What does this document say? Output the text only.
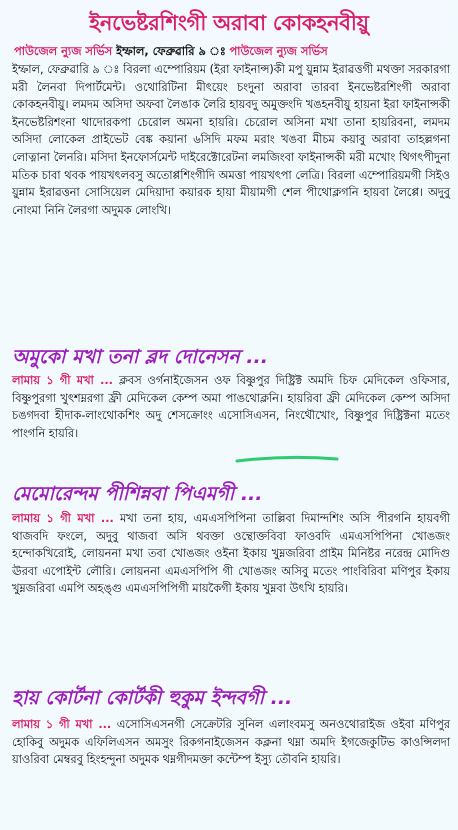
ইনভেষ্টরশিংগী অরাবা কোকহনবীয়ু
পাউজেল ন্যুজ সর্ভিস ইম্ফাল, ফেব্রুৱারি ৯ ঃ পাউজেল ন্যুজ সর্ভিস

ইম্ফাল, ফেব্রুৱারি ৯ ঃ বিরলা এম্পোরিয়ম (ইরা ফাইনান্স)কী মপু য়ুন্নাম ইরাৱত্তগী মথক্তা সরকারগা মরী লৈনবা দিপার্টমেন্ট। ওথোরিটিনা মীৎয়েং চংদুনা অরাবা তারবা ইনভেষ্টরশিংগী অরাবা কোকহনবীয়ু। লমদম অসিদা অফবা লৈঙাক লৈরি হায়বদু অমুক্তংদি খঙহনবীয়ু হায়না ইরা ফাইনান্সকী ইনভেষ্টরিশংনা থাদোরকপা চেরোল অমনা হায়রি। চেরোল অসিনা মখা তানা হায়রিবনা, লমদম অসিদা লোকেল প্রাইভেট বেঙ্ক কয়ানা ৬সিদি মফম মরাং খঙবা মীচম কয়াবু অরাবা তাহল্লগনা লোত্নানা লৈনরি। মসিদা ইনফোর্সমেন্ট দাইরেক্টোরেটনা লমজিংবা ফাইনান্সকী মরী মখোং থিগৎপীদুনা মতিক চাবা থবক পায়খৎলবসু অতোপ্পশিংগীদি অমত্তা পায়খৎপা লেত্রি। বিরলা এম্পোরিয়মগী সিইও য়ুন্নাম ইরাৱত্তনা সোসিয়েল মেদিয়াদা কয়ারক হায়া মীয়ামগী শেল পীথোক্লগনি হায়বা লৈপ্পে। অদুবু নোংমা নিনি লৈরগা অদুমক লোংখি।

অমুকো মখা তনা ব্লদ দোনেসন ...

লামায় ১ গী মখা ... ক্লবস ওর্গনাইজেসন ওফ বিষ্ণুপুর দিষ্ট্রিক্ট অমদি চিফ মেদিকেল ওফিসার, বিষ্ণুপুরগা খুৎশম্নরগা ফ্রী মেদিকেল কেম্প অমা পাঙথোক্লনি। হায়রিবা ফ্রী মেদিকেল কেম্প অসিদা চঙগদবা হীদাক-লাংথোকশিং অদু শেসক্রোংং এসোসিএসন, নিংথৌখোং, বিষ্ণুপুর দিষ্ট্রিক্টনা মতেং পাংগনি হায়রি।

মেমোরেন্দম পীশিন্নবা পিএমগী ...

লামায় ১ গী মখা ... মখা তনা হায়, এমএসপিপিনা তাল্লিবা দিমান্দশিং অসি পীরগনি হায়বগী থাজবদি ফংলে, অদুবু থাজবা অসি থবক্তা ওন্থোক্তবিবা ফাওবদি এমএসপিপিনা খোঙজং হন্দোকখিরোই, লোয়ননা মখা তবা খোঙজং ওইনা ইকায় খুম্নজরিবা প্রাইম মিনিষ্টর নরেন্দ্র মোদিগু ঊরবা এপোইন্ট লৌরি। লোয়ননা এমএসপিপি গী খোঙজং অসিবু মতেং পাংবিরিবা মণিপুর ইকায় খুম্নজরিবা এমপি অহঙ্গু এমএসপিপিগী মায়কৈগী ইকায় খুম্নবা উৎখি হায়রি।

হায় কোর্টনা কোর্টকী হুকুম ইন্দবগী ...

লামায় ১ গী মখা ... এসোসিএসনগী সেক্রেটরি সুনিল এলাংবমসু অনওথোরাইজ ওইবা মণিপুর হোকিবু অদুমক এফিলিএসন অমসুং রিকগনাইজেসন কক্লনা থম্না অমদি ইগজেকুটিভ কাওন্সিলদা য়াওরিবা মেম্বরবু হিংহন্দুনা অদুমক থম্নগীদমক্তা কন্টেম্প ইস্যু তৌবনি হায়রি।
